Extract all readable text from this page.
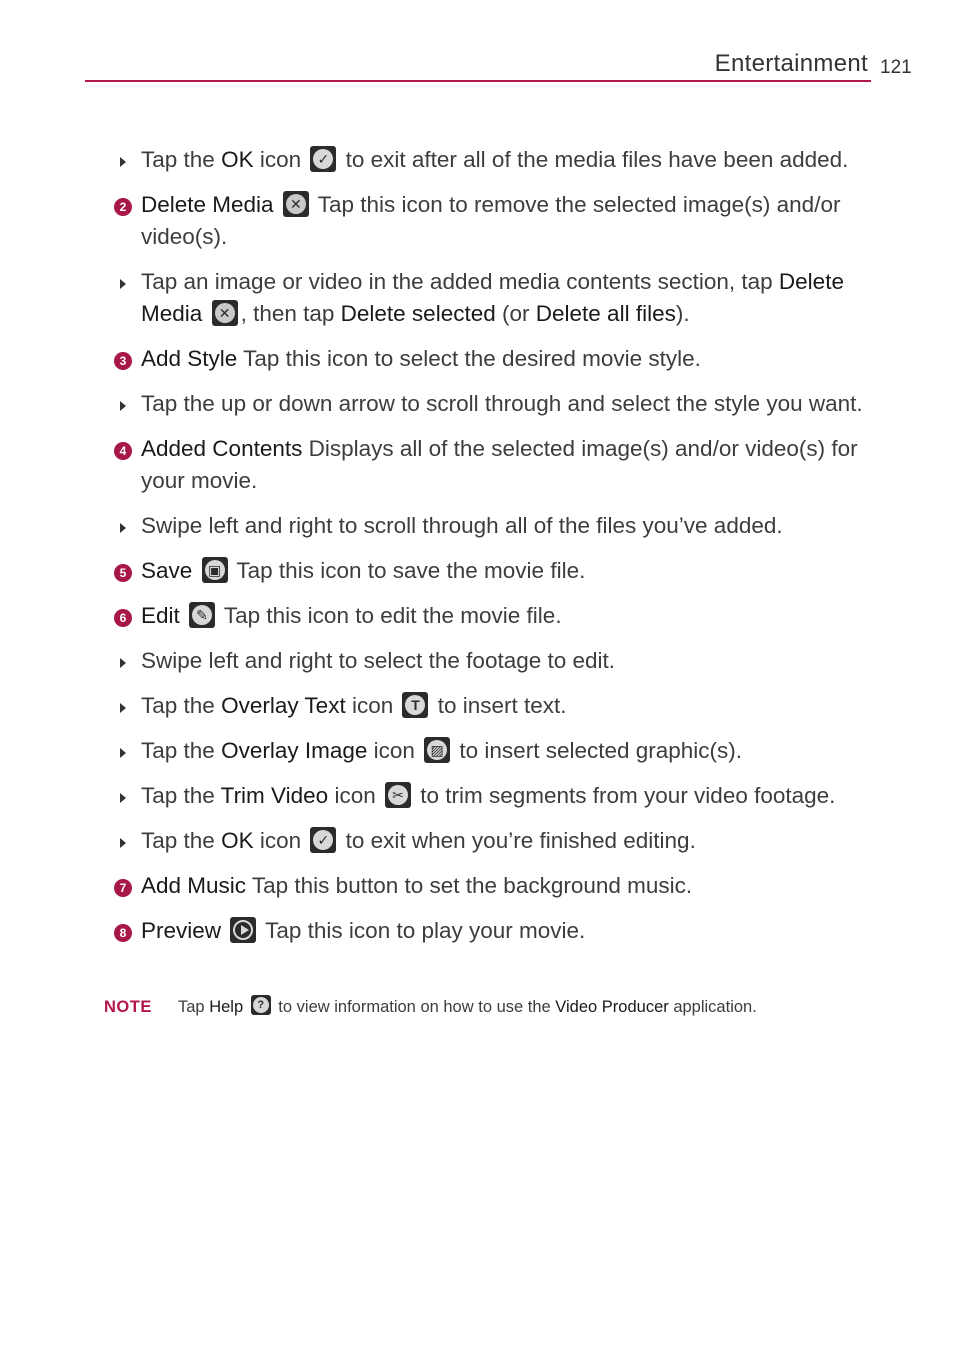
Entertainment 121
Tap the OK icon ✓ to exit after all of the media files have been added.
2 Delete Media ✕ Tap this icon to remove the selected image(s) and/or video(s).
Tap an image or video in the added media contents section, tap Delete Media ✕ , then tap Delete selected (or Delete all files).
3 Add Style Tap this icon to select the desired movie style.
Tap the up or down arrow to scroll through and select the style you want.
4 Added Contents Displays all of the selected image(s) and/or video(s) for your movie.
Swipe left and right to scroll through all of the files you’ve added.
5 Save ▣ Tap this icon to save the movie file.
6 Edit ✎ Tap this icon to edit the movie file.
Swipe left and right to select the footage to edit.
Tap the Overlay Text icon T to insert text.
Tap the Overlay Image icon ▨ to insert selected graphic(s).
Tap the Trim Video icon ✂ to trim segments from your video footage.
Tap the OK icon ✓ to exit when you’re finished editing.
7 Add Music Tap this button to set the background music.
8 Preview
Tap this icon to play your movie.
NOTE Tap Help	? to view information on how to use the Video Producer application.
